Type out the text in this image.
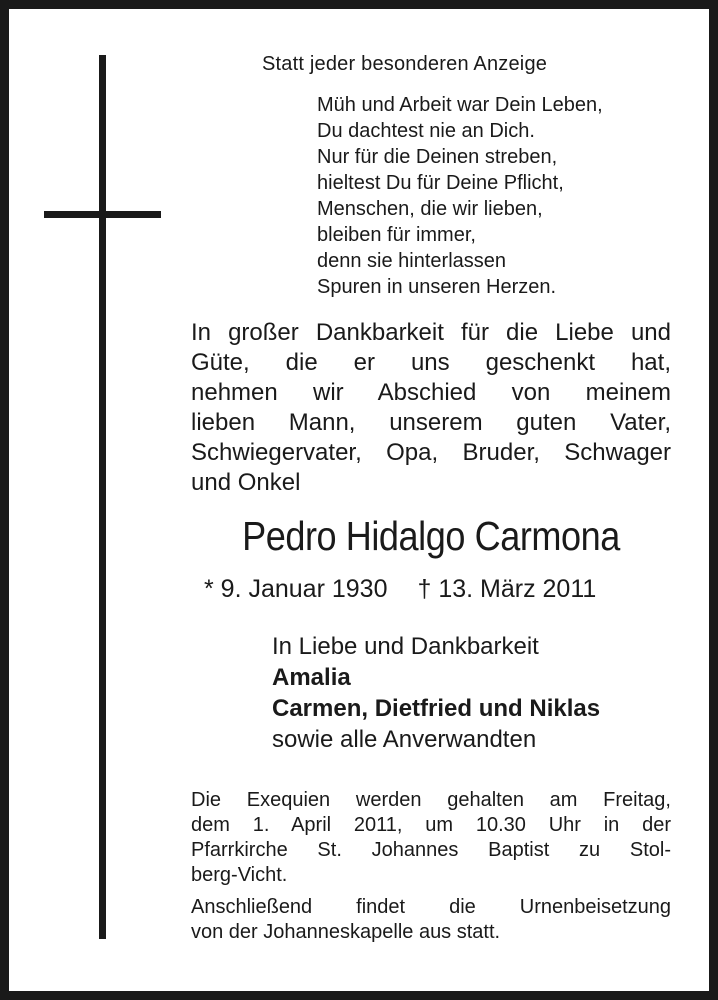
Statt jeder besonderen Anzeige
Müh und Arbeit war Dein Leben,
Du dachtest nie an Dich.
Nur für die Deinen streben,
hieltest Du für Deine Pflicht,
Menschen, die wir lieben,
bleiben für immer,
denn sie hinterlassen
Spuren in unseren Herzen.
In großer Dankbarkeit für die Liebe und
Güte, die er uns geschenkt hat,
nehmen wir Abschied von meinem
lieben Mann, unserem guten Vater,
Schwiegervater, Opa, Bruder, Schwager
und Onkel
Pedro Hidalgo Carmona
* 9. Januar 1930 † 13. März 2011
In Liebe und Dankbarkeit
Amalia
Carmen, Dietfried und Niklas
sowie alle Anverwandten
Die Exequien werden gehalten am Freitag,
dem 1. April 2011, um 10.30 Uhr in der
Pfarrkirche St. Johannes Baptist zu Stol-
berg-Vicht.
Anschließend findet die Urnenbeisetzung
von der Johanneskapelle aus statt.
